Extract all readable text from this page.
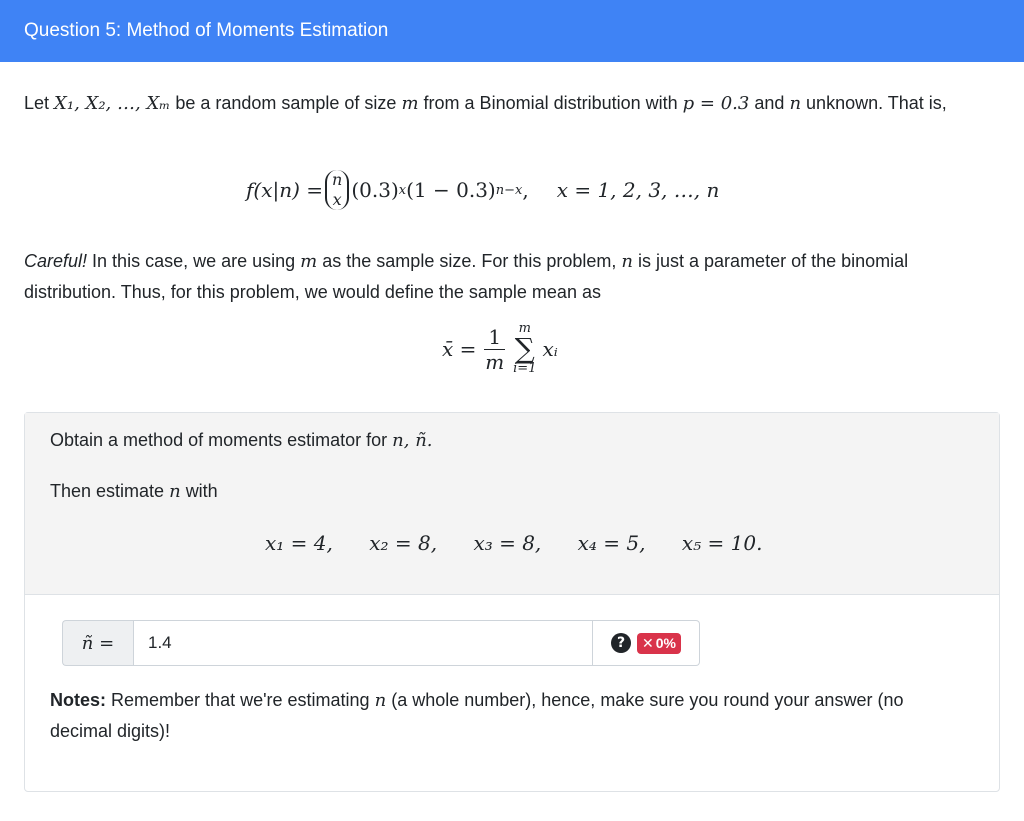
Question 5: Method of Moments Estimation
Let X₁, X₂, …, Xₘ be a random sample of size m from a Binomial distribution with p = 0.3 and n unknown. That is,
f(x|n) = n
x (0.3) x (1 − 0.3) n−x , x = 1, 2, 3, …, n
Careful! In this case, we are using m as the sample size. For this problem, n is just a parameter of the binomial distribution. Thus, for this problem, we would define the sample mean as
x̄ = $\frac{1}{m}$ m
∑
i=1
xᵢ
Obtain a method of moments estimator for n, ñ.
Then estimate n with
x₁ = 4, x₂ = 8, x₃ = 8, x₄ = 5, x₅ = 10.
ñ =
1.4	?	✕ 0%
Notes: Remember that we're estimating n (a whole number), hence, make sure you round your answer (no decimal digits)!
